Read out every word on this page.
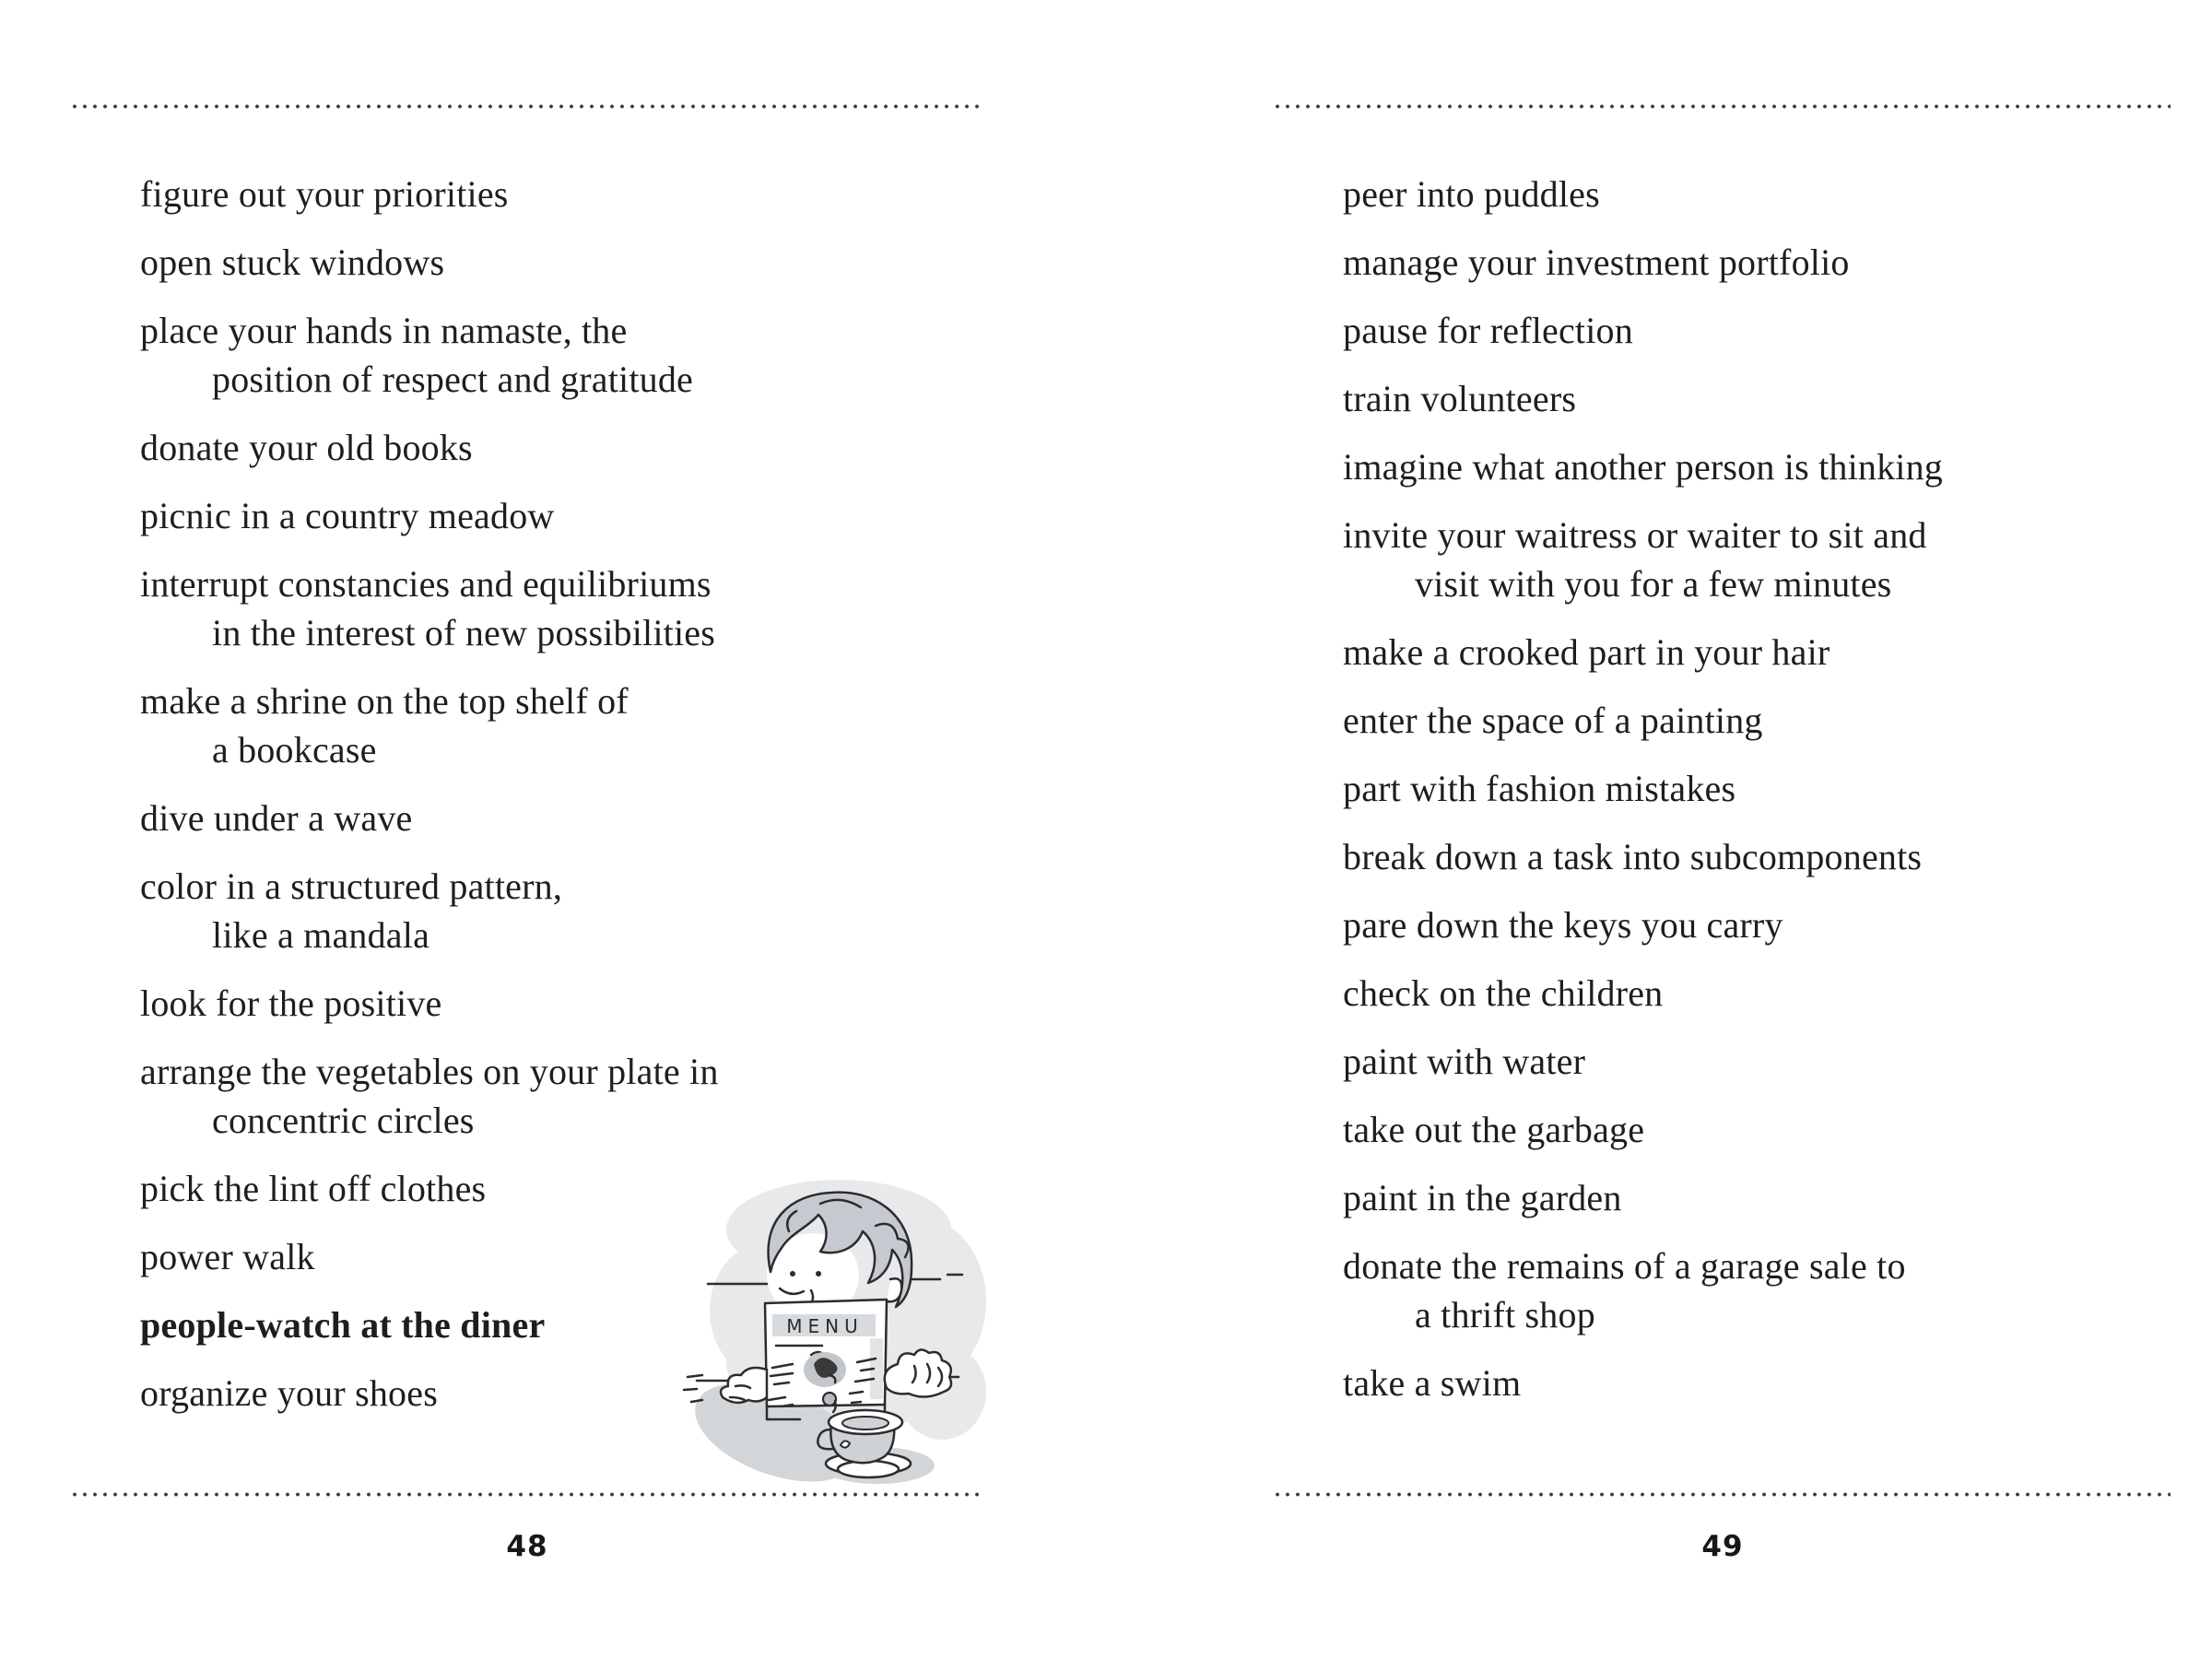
figure out your priorities
open stuck windows
place your hands in namaste, the
position of respect and gratitude
donate your old books
picnic in a country meadow
interrupt constancies and equilibriums
in the interest of new possibilities
make a shrine on the top shelf of
a bookcase
dive under a wave
color in a structured pattern,
like a mandala
look for the positive
arrange the vegetables on your plate in
concentric circles
pick the lint off clothes
power walk
people-watch at the diner
organize your shoes
MENU
48
peer into puddles
manage your investment portfolio
pause for reflection
train volunteers
imagine what another person is thinking
invite your waitress or waiter to sit and
visit with you for a few minutes
make a crooked part in your hair
enter the space of a painting
part with fashion mistakes
break down a task into subcomponents
pare down the keys you carry
check on the children
paint with water
take out the garbage
paint in the garden
donate the remains of a garage sale to
a thrift shop
take a swim
49
